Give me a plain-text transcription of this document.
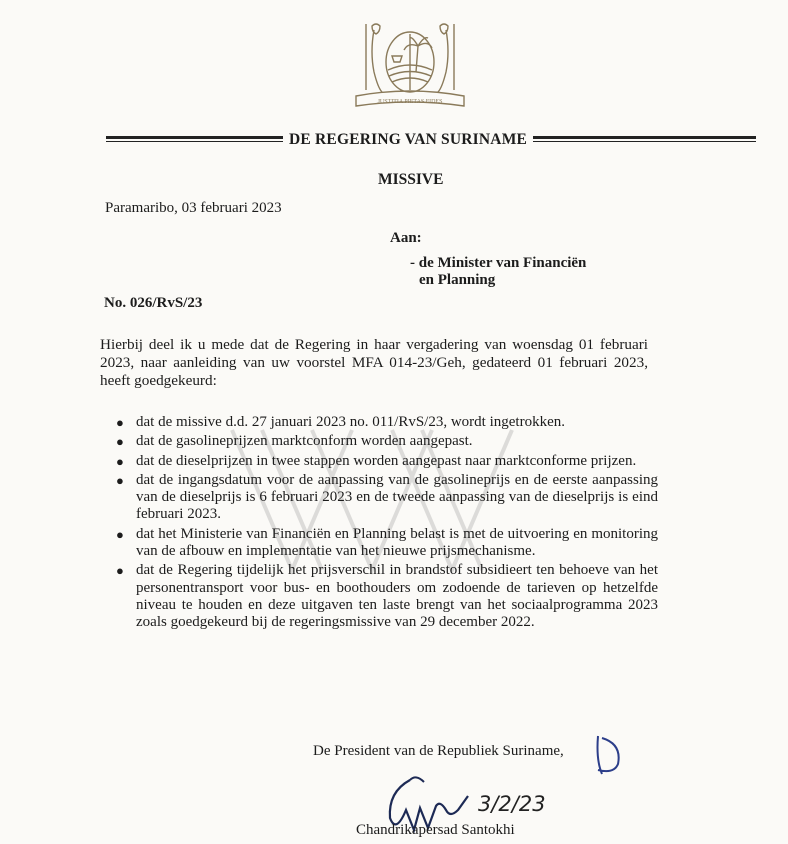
JUSTITIA PIETAS FIDES
DE REGERING VAN SURINAME
MISSIVE
Paramaribo, 03 februari 2023
Aan:
- de Minister van Financiën
en Planning
No. 026/RvS/23
Hierbij deel ik u mede dat de Regering in haar vergadering van woensdag 01 februari 2023, naar aanleiding van uw voorstel MFA 014-23/Geh, gedateerd 01 februari 2023, heeft goedgekeurd:
● dat de missive d.d. 27 januari 2023 no. 011/RvS/23, wordt ingetrokken.
● dat de gasolineprijzen marktconform worden aangepast.
● dat de dieselprijzen in twee stappen worden aangepast naar marktconforme prijzen.
● dat de ingangsdatum voor de aanpassing van de gasolineprijs en de eerste aanpassing van de dieselprijs is 6 februari 2023 en de tweede aanpassing van de dieselprijs is eind februari 2023.
● dat het Ministerie van Financiën en Planning belast is met de uitvoering en monitoring van de afbouw en implementatie van het nieuwe prijsmechanisme.
● dat de Regering tijdelijk het prijsverschil in brandstof subsidieert ten behoeve van het personentransport voor bus- en boothouders om zodoende de tarieven op hetzelfde niveau te houden en deze uitgaven ten laste brengt van het sociaalprogramma 2023 zoals goedgekeurd bij de regeringsmissive van 29 december 2022.
De President van de Republiek Suriname,
3/2/23
Chandrikapersad Santokhi
